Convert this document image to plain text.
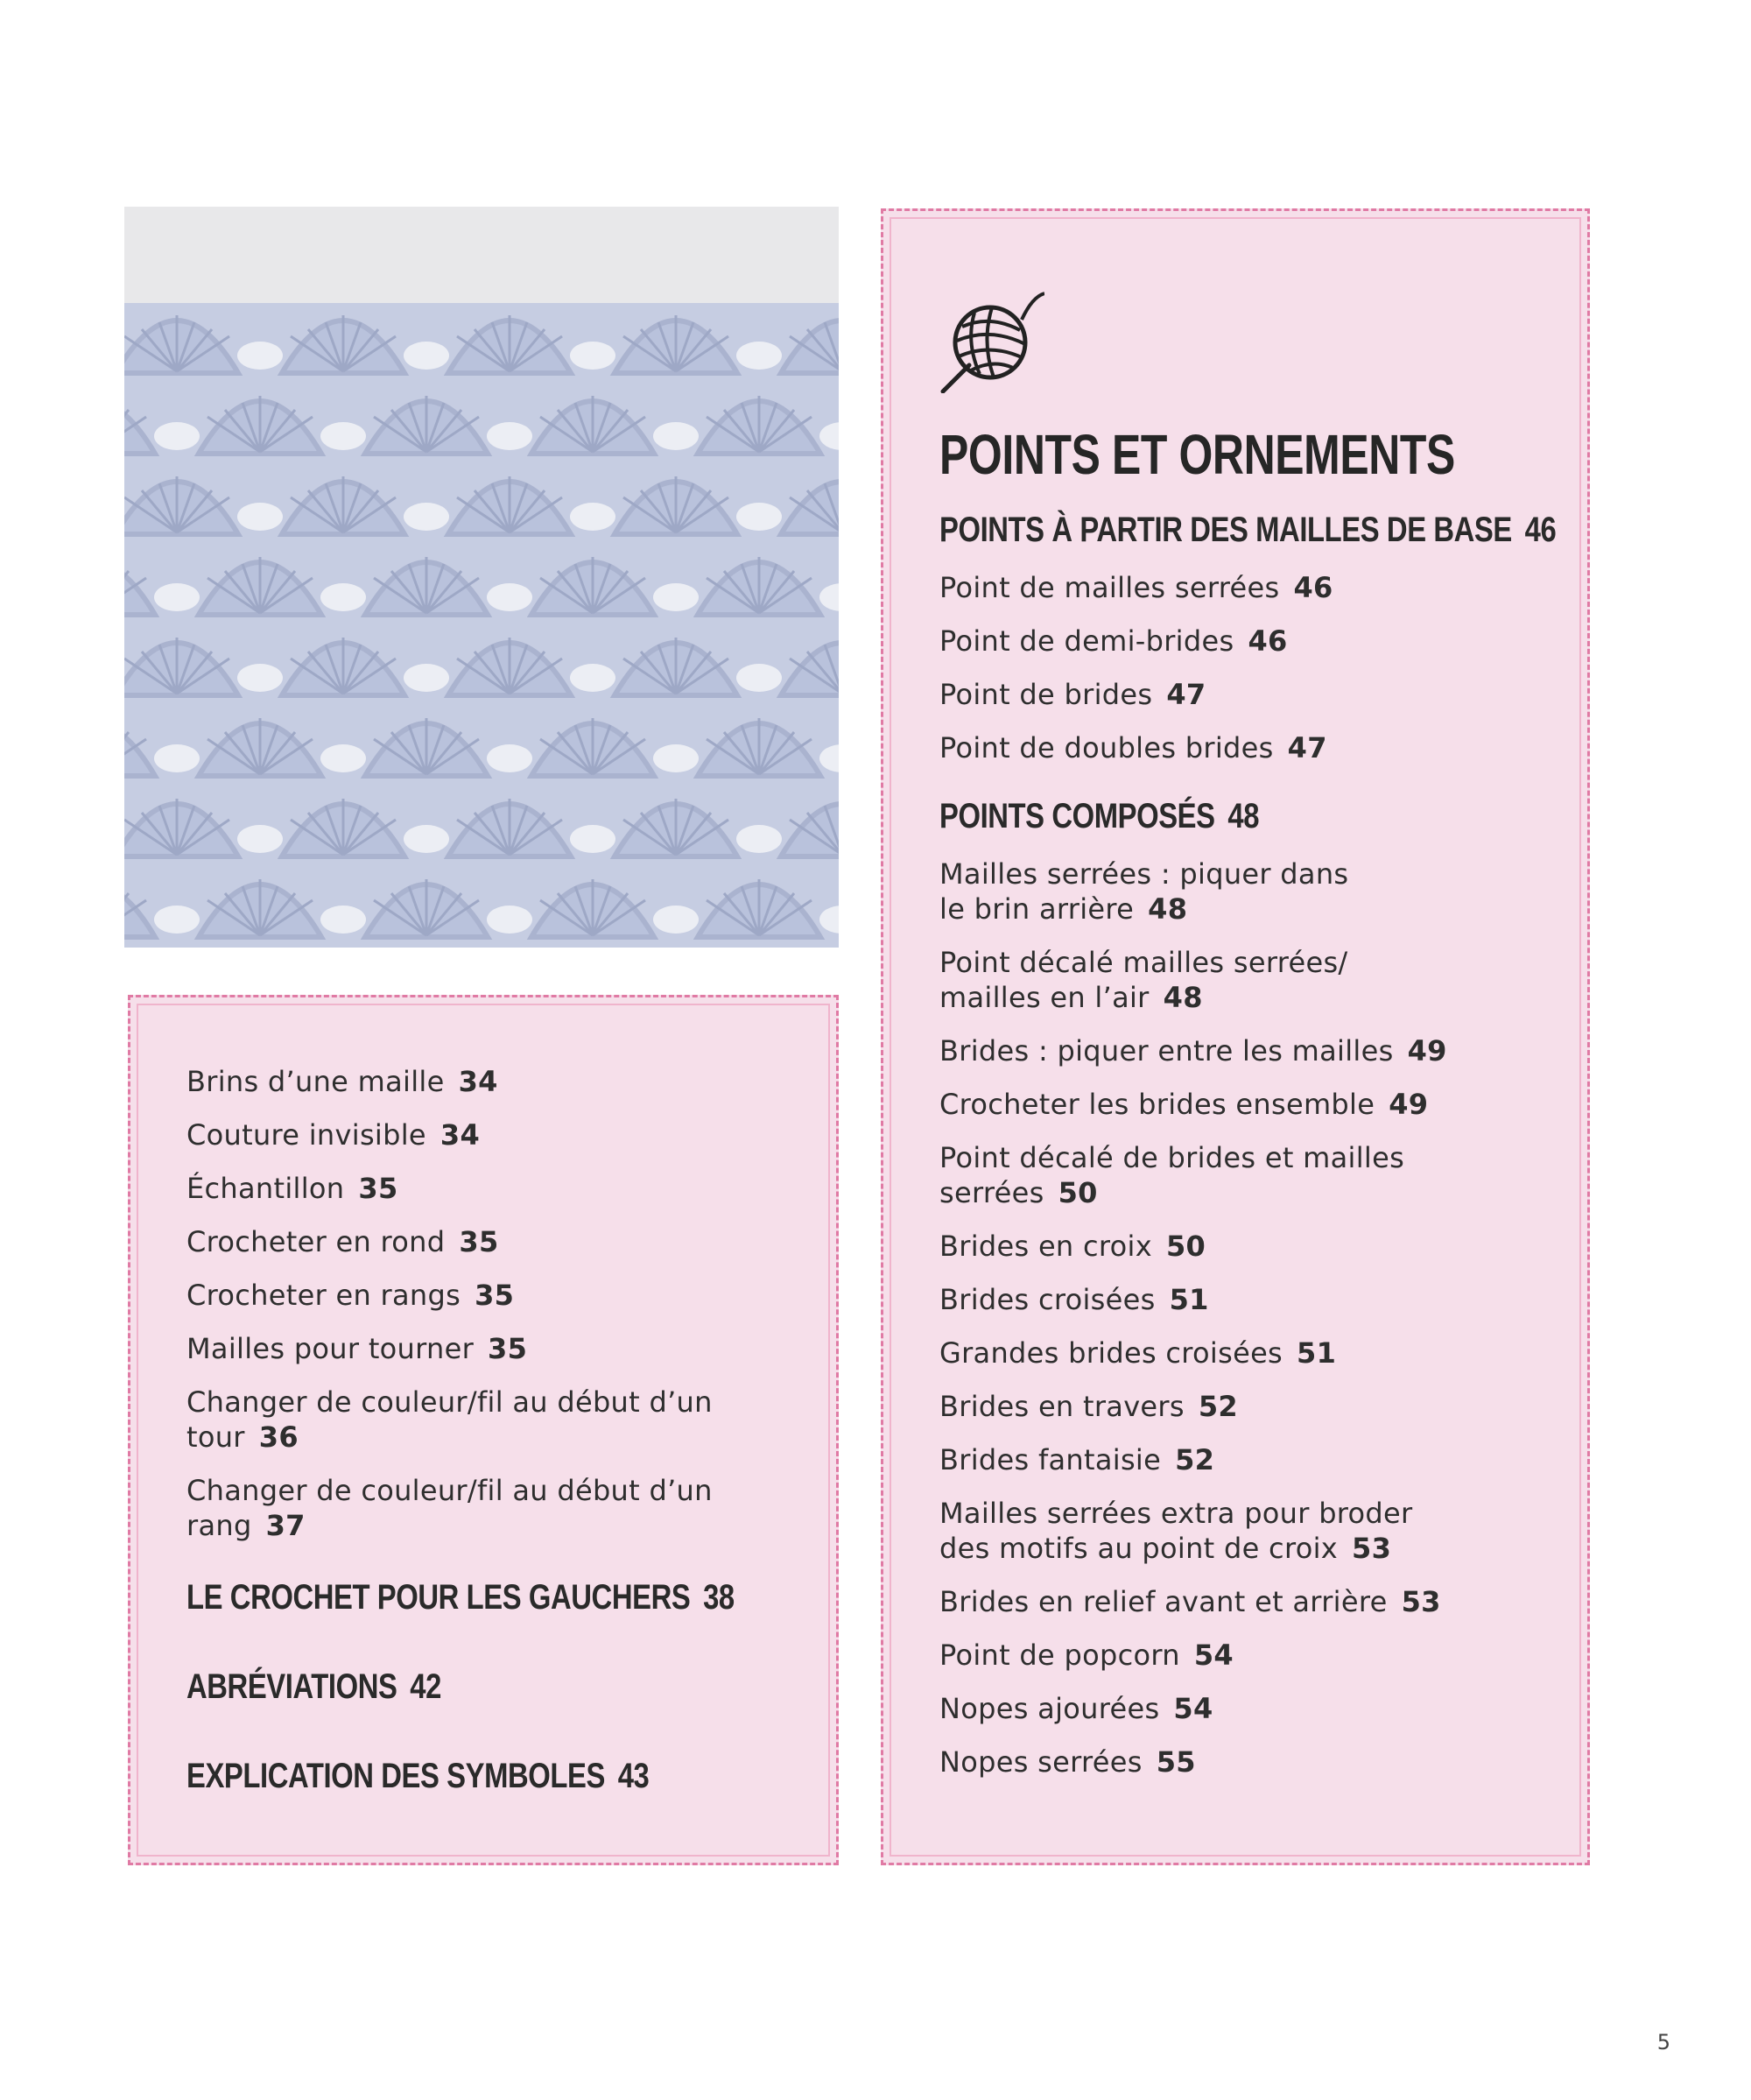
Brins d’une maille 34
Couture invisible 34
Échantillon 35
Crocheter en rond 35
Crocheter en rangs 35
Mailles pour tourner 35
Changer de couleur/fil au début d’un tour 36
Changer de couleur/fil au début d’un rang 37
LE CROCHET POUR LES GAUCHERS 38
ABRÉVIATIONS 42
EXPLICATION DES SYMBOLES 43
POINTS ET ORNEMENTS
POINTS À PARTIR DES MAILLES DE BASE 46
Point de mailles serrées 46
Point de demi-brides 46
Point de brides 47
Point de doubles brides 47
POINTS COMPOSÉS 48
Mailles serrées : piquer dans
le brin arrière 48
Point décalé mailles serrées/
mailles en l’air 48
Brides : piquer entre les mailles 49
Crocheter les brides ensemble 49
Point décalé de brides et mailles serrées 50
Brides en croix 50
Brides croisées 51
Grandes brides croisées 51
Brides en travers 52
Brides fantaisie 52
Mailles serrées extra pour broder
des motifs au point de croix 53
Brides en relief avant et arrière 53
Point de popcorn 54
Nopes ajourées 54
Nopes serrées 55
5
